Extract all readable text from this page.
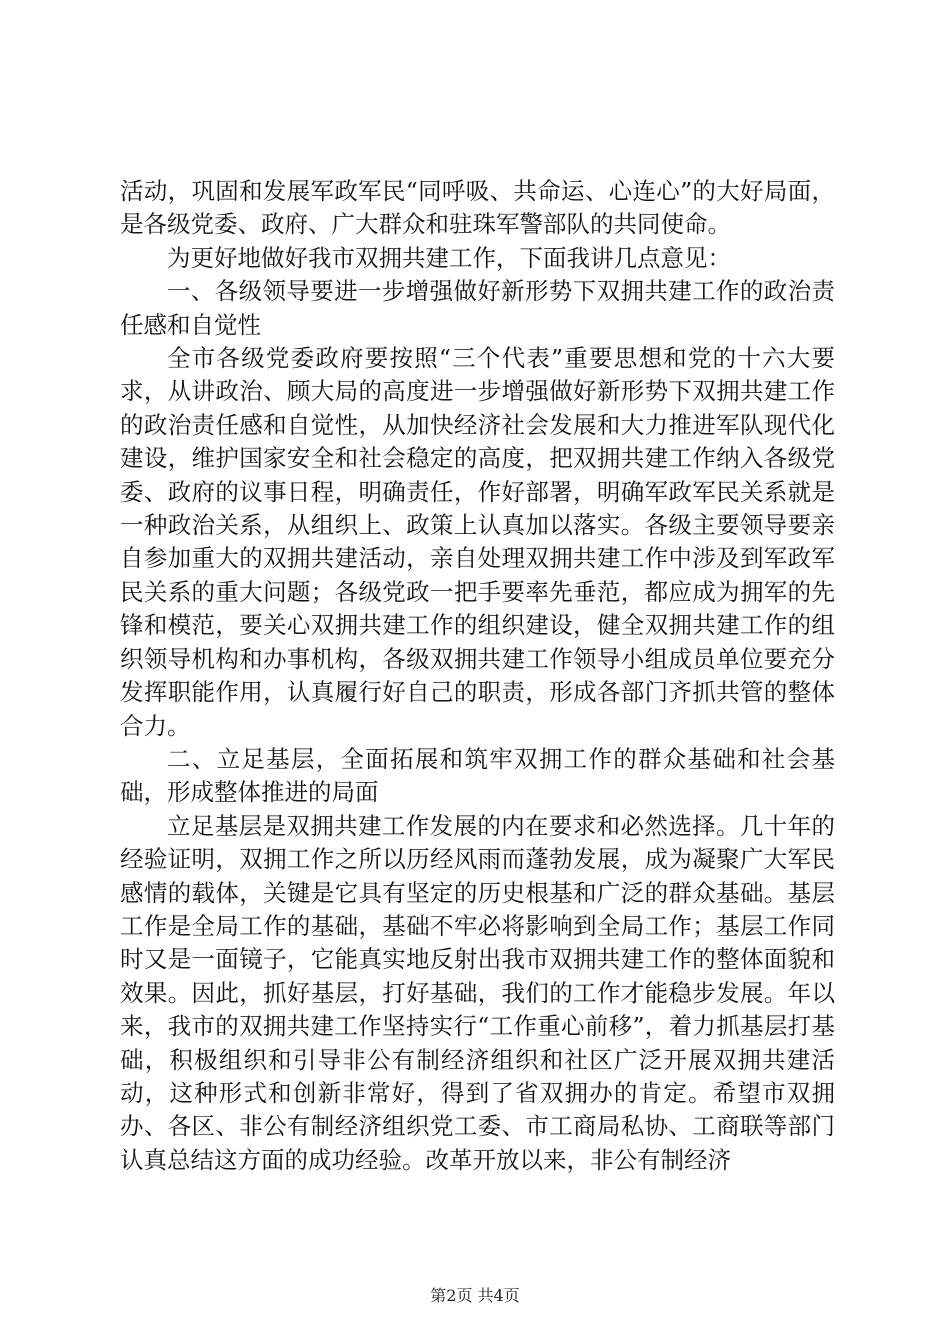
活动，巩固和发展军政军民“同呼吸、共命运、心连心”的大好局面，是各级党委、政府、广大群众和驻珠军警部队的共同使命。

为更好地做好我市双拥共建工作，下面我讲几点意见：

一、各级领导要进一步增强做好新形势下双拥共建工作的政治责任感和自觉性

全市各级党委政府要按照“三个代表”重要思想和党的十六大要求，从讲政治、顾大局的高度进一步增强做好新形势下双拥共建工作的政治责任感和自觉性，从加快经济社会发展和大力推进军队现代化建设，维护国家安全和社会稳定的高度，把双拥共建工作纳入各级党委、政府的议事日程，明确责任，作好部署，明确军政军民关系就是一种政治关系，从组织上、政策上认真加以落实。各级主要领导要亲自参加重大的双拥共建活动，亲自处理双拥共建工作中涉及到军政军民关系的重大问题；各级党政一把手要率先垂范，都应成为拥军的先锋和模范，要关心双拥共建工作的组织建设，健全双拥共建工作的组织领导机构和办事机构，各级双拥共建工作领导小组成员单位要充分发挥职能作用，认真履行好自己的职责，形成各部门齐抓共管的整体合力。

二、立足基层，全面拓展和筑牢双拥工作的群众基础和社会基础，形成整体推进的局面

立足基层是双拥共建工作发展的内在要求和必然选择。几十年的经验证明，双拥工作之所以历经风雨而蓬勃发展，成为凝聚广大军民感情的载体，关键是它具有坚定的历史根基和广泛的群众基础。基层工作是全局工作的基础，基础不牢必将影响到全局工作；基层工作同时又是一面镜子，它能真实地反射出我市双拥共建工作的整体面貌和效果。因此，抓好基层，打好基础，我们的工作才能稳步发展。年以来，我市的双拥共建工作坚持实行“工作重心前移”，着力抓基层打基础，积极组织和引导非公有制经济组织和社区广泛开展双拥共建活动，这种形式和创新非常好，得到了省双拥办的肯定。希望市双拥办、各区、非公有制经济组织党工委、市工商局私协、工商联等部门认真总结这方面的成功经验。改革开放以来，非公有制经济

第2页 共4页
